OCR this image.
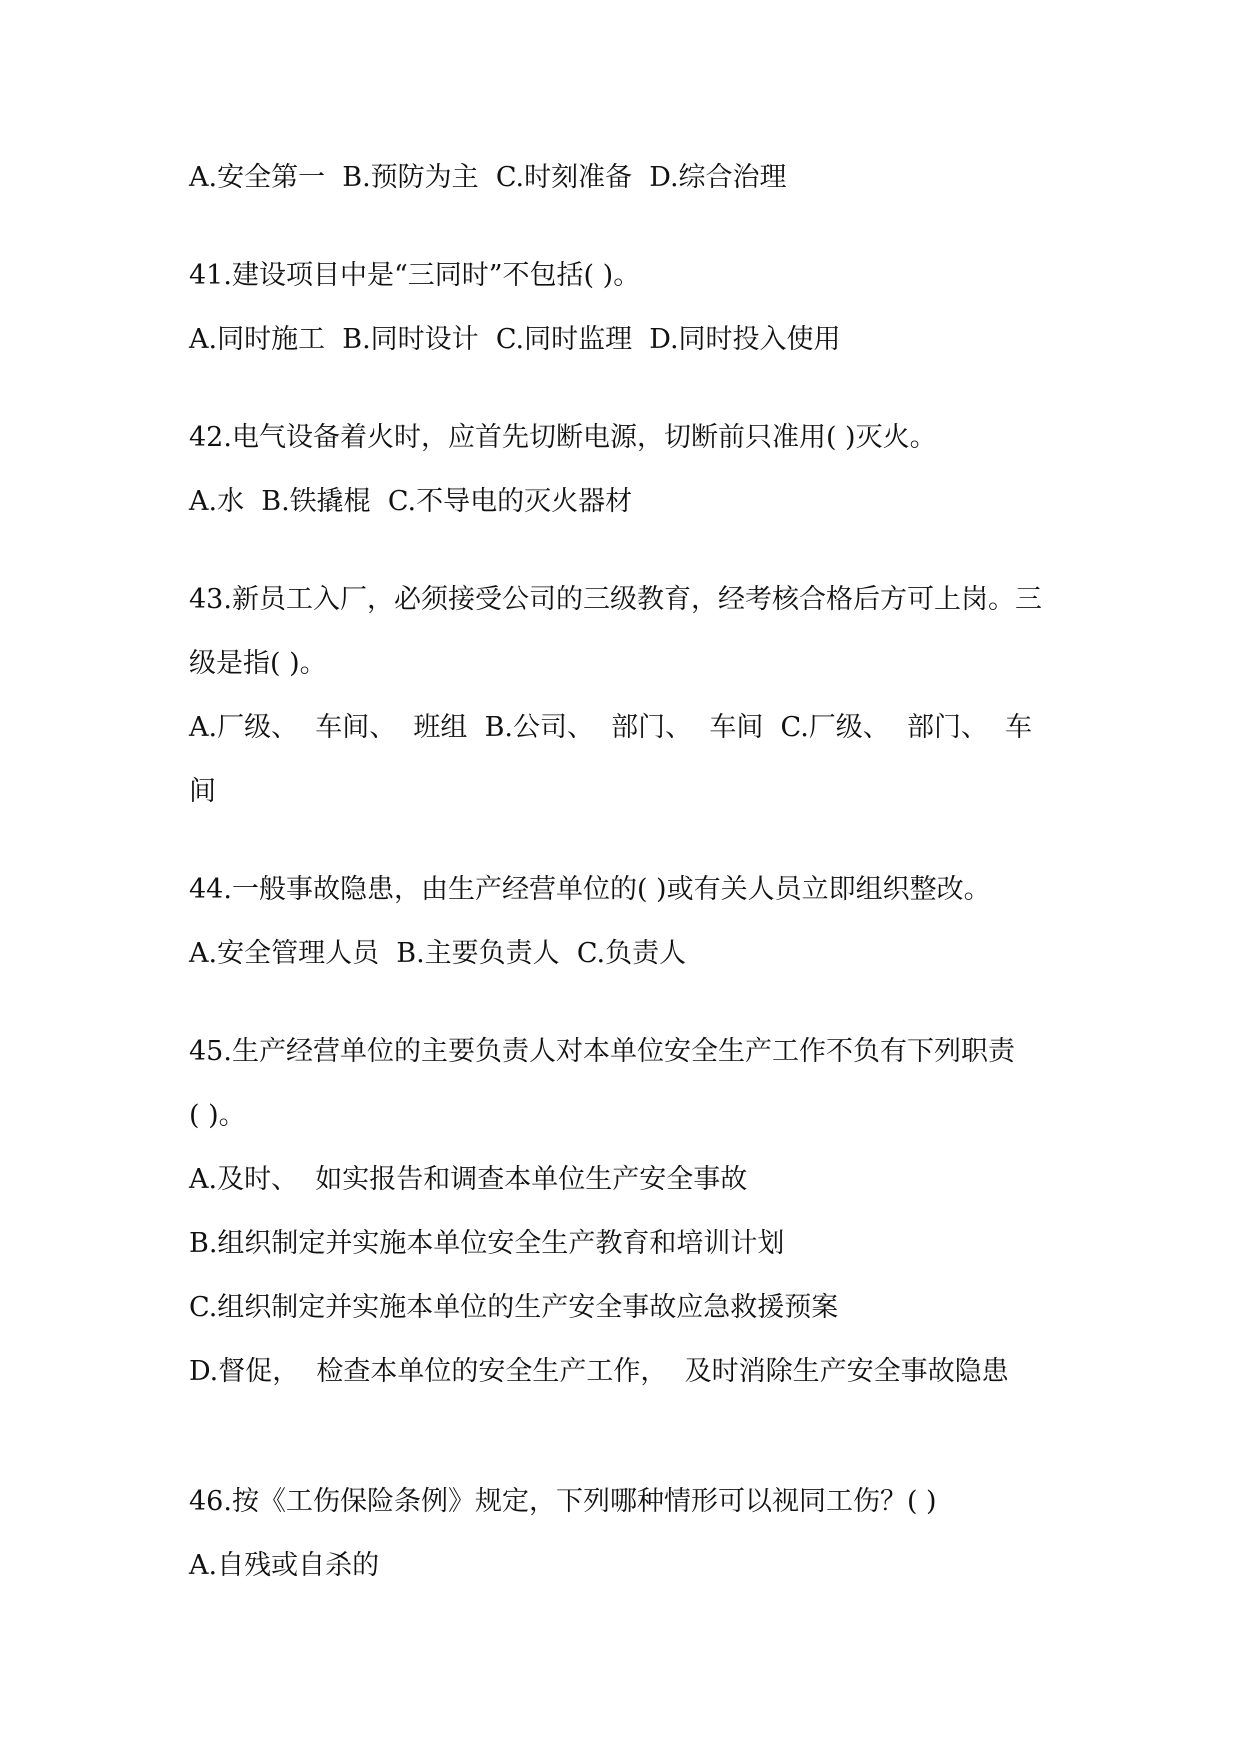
A.安全第一  B.预防为主  C.时刻准备  D.综合治理
41.建设项目中是“三同时”不包括( )。
A.同时施工  B.同时设计  C.同时监理  D.同时投入使用
42.电气设备着火时，应首先切断电源，切断前只准用( )灭火。
A.水  B.铁撬棍  C.不导电的灭火器材
43.新员工入厂，必须接受公司的三级教育，经考核合格后方可上岗。三
级是指( )。
A.厂级、  车间、  班组  B.公司、  部门、  车间  C.厂级、  部门、  车
间
44.一般事故隐患，由生产经营单位的( )或有关人员立即组织整改。
A.安全管理人员  B.主要负责人  C.负责人
45.生产经营单位的主要负责人对本单位安全生产工作不负有下列职责
( )。
A.及时、  如实报告和调查本单位生产安全事故
B.组织制定并实施本单位安全生产教育和培训计划
C.组织制定并实施本单位的生产安全事故应急救援预案
D.督促，  检查本单位的安全生产工作，  及时消除生产安全事故隐患
46.按《工伤保险条例》规定，下列哪种情形可以视同工伤？( )
A.自残或自杀的
